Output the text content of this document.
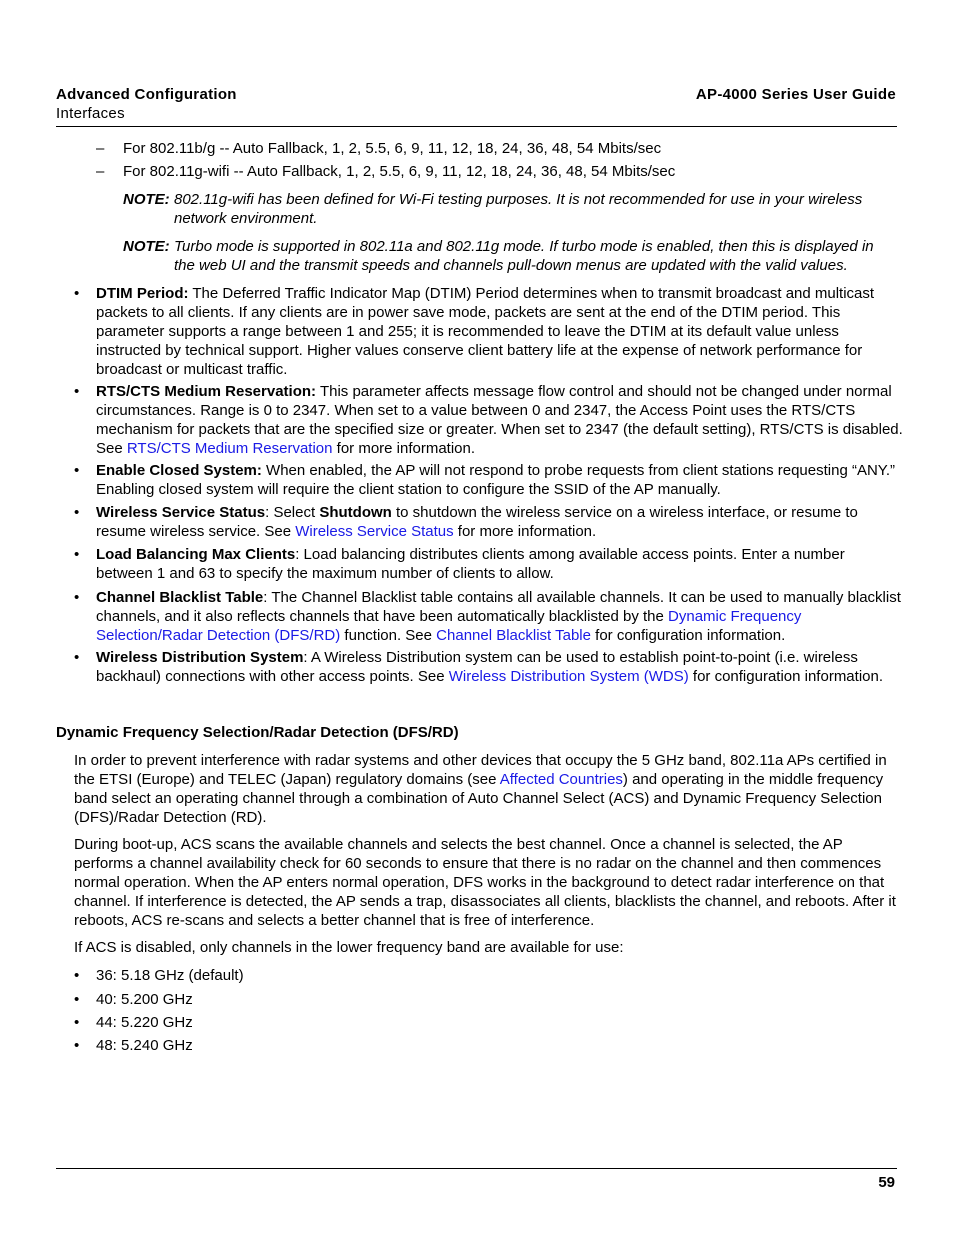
Advanced Configuration
Interfaces
AP-4000 Series User Guide
– For 802.11b/g -- Auto Fallback, 1, 2, 5.5, 6, 9, 11, 12, 18, 24, 36, 48, 54 Mbits/sec
– For 802.11g-wifi -- Auto Fallback, 1, 2, 5.5, 6, 9, 11, 12, 18, 24, 36, 48, 54 Mbits/sec
NOTE: 802.11g-wifi has been defined for Wi-Fi testing purposes. It is not recommended for use in your wireless
network environment.
NOTE: Turbo mode is supported in 802.11a and 802.11g mode. If turbo mode is enabled, then this is displayed in
the web UI and the transmit speeds and channels pull-down menus are updated with the valid values.
• DTIM Period: The Deferred Traffic Indicator Map (DTIM) Period determines when to transmit broadcast and multicast packets to all clients. If any clients are in power save mode, packets are sent at the end of the DTIM period. This parameter supports a range between 1 and 255; it is recommended to leave the DTIM at its default value unless instructed by technical support. Higher values conserve client battery life at the expense of network performance for broadcast or multicast traffic.
• RTS/CTS Medium Reservation: This parameter affects message flow control and should not be changed under normal circumstances. Range is 0 to 2347. When set to a value between 0 and 2347, the Access Point uses the RTS/CTS mechanism for packets that are the specified size or greater. When set to 2347 (the default setting), RTS/CTS is disabled. See RTS/CTS Medium Reservation for more information.
• Enable Closed System: When enabled, the AP will not respond to probe requests from client stations requesting “ANY.” Enabling closed system will require the client station to configure the SSID of the AP manually.
• Wireless Service Status: Select Shutdown to shutdown the wireless service on a wireless interface, or resume to resume wireless service. See Wireless Service Status for more information.
• Load Balancing Max Clients: Load balancing distributes clients among available access points. Enter a number between 1 and 63 to specify the maximum number of clients to allow.
• Channel Blacklist Table: The Channel Blacklist table contains all available channels. It can be used to manually blacklist channels, and it also reflects channels that have been automatically blacklisted by the Dynamic Frequency Selection/Radar Detection (DFS/RD) function. See Channel Blacklist Table for configuration information.
• Wireless Distribution System: A Wireless Distribution system can be used to establish point-to-point (i.e. wireless backhaul) connections with other access points. See Wireless Distribution System (WDS) for configuration information.
Dynamic Frequency Selection/Radar Detection (DFS/RD)
In order to prevent interference with radar systems and other devices that occupy the 5 GHz band, 802.11a APs certified in the ETSI (Europe) and TELEC (Japan) regulatory domains (see Affected Countries) and operating in the middle frequency band select an operating channel through a combination of Auto Channel Select (ACS) and Dynamic Frequency Selection (DFS)/Radar Detection (RD).
During boot-up, ACS scans the available channels and selects the best channel. Once a channel is selected, the AP performs a channel availability check for 60 seconds to ensure that there is no radar on the channel and then commences normal operation. When the AP enters normal operation, DFS works in the background to detect radar interference on that channel. If interference is detected, the AP sends a trap, disassociates all clients, blacklists the channel, and reboots. After it reboots, ACS re-scans and selects a better channel that is free of interference.
If ACS is disabled, only channels in the lower frequency band are available for use:
• 36: 5.18 GHz (default)
• 40: 5.200 GHz
• 44: 5.220 GHz
• 48: 5.240 GHz
59
